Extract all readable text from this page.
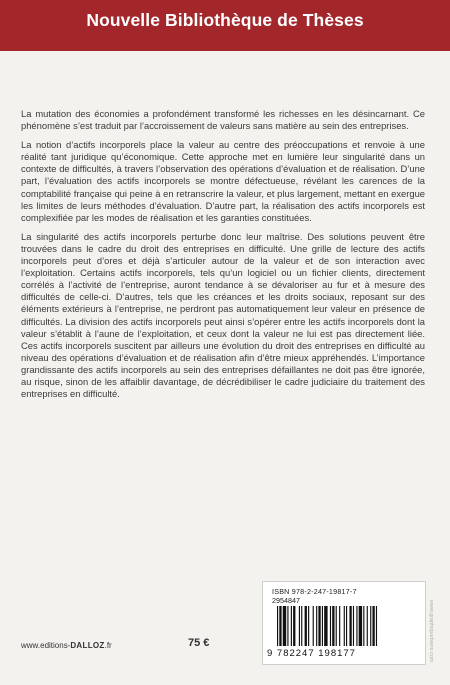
Nouvelle Bibliothèque de Thèses

La mutation des économies a profondément transformé les richesses en les désincarnant. Ce phénomène s’est traduit par l’accroissement de valeurs sans matière au sein des entreprises.

La notion d’actifs incorporels place la valeur au centre des préoccupations et renvoie à une réalité tant juridique qu’économique. Cette approche met en lumière leur singularité dans un contexte de difficultés, à travers l’observation des opérations d’évaluation et de réalisation. D’une part, l’évaluation des actifs incorporels se montre défectueuse, révélant les carences de la comptabilité française qui peine à en retranscrire la valeur, et plus largement, mettant en exergue les limites de leurs méthodes d’évaluation. D’autre part, la réalisation des actifs incorporels est complexifiée par les modes de réalisation et les garanties constituées.

La singularité des actifs incorporels perturbe donc leur maîtrise. Des solutions peuvent être trouvées dans le cadre du droit des entreprises en difficulté. Une grille de lecture des actifs incorporels peut d’ores et déjà s’articuler autour de la valeur et de son interaction avec l’exploitation. Certains actifs incorporels, tels qu’un logiciel ou un fichier clients, directement corrélés à l’activité de l’entreprise, auront tendance à se dévaloriser au fur et à mesure des difficultés de celle-ci. D’autres, tels que les créances et les droits sociaux, reposant sur des éléments extérieurs à l’entreprise, ne perdront pas automatiquement leur valeur en présence de difficultés. La division des actifs incorporels peut ainsi s’opérer entre les actifs incorporels dont la valeur s’établit à l’aune de l’exploitation, et ceux dont la valeur ne lui est pas directement liée. Ces actifs incorporels suscitent par ailleurs une évolution du droit des entreprises en difficulté au niveau des opérations d’évaluation et de réalisation afin d’être mieux appréhendés. L’importance grandissante des actifs incorporels au sein des entreprises défaillantes ne doit pas être ignorée, au risque, sinon de les affaiblir davantage, de décrédibiliser le cadre judiciaire du traitement des entreprises en difficulté.

ISBN 978-2-247-19817-7
2954847
9 782247 198177	www.graphiquebarre.com
www.editions-DALLOZ.fr	75 €
